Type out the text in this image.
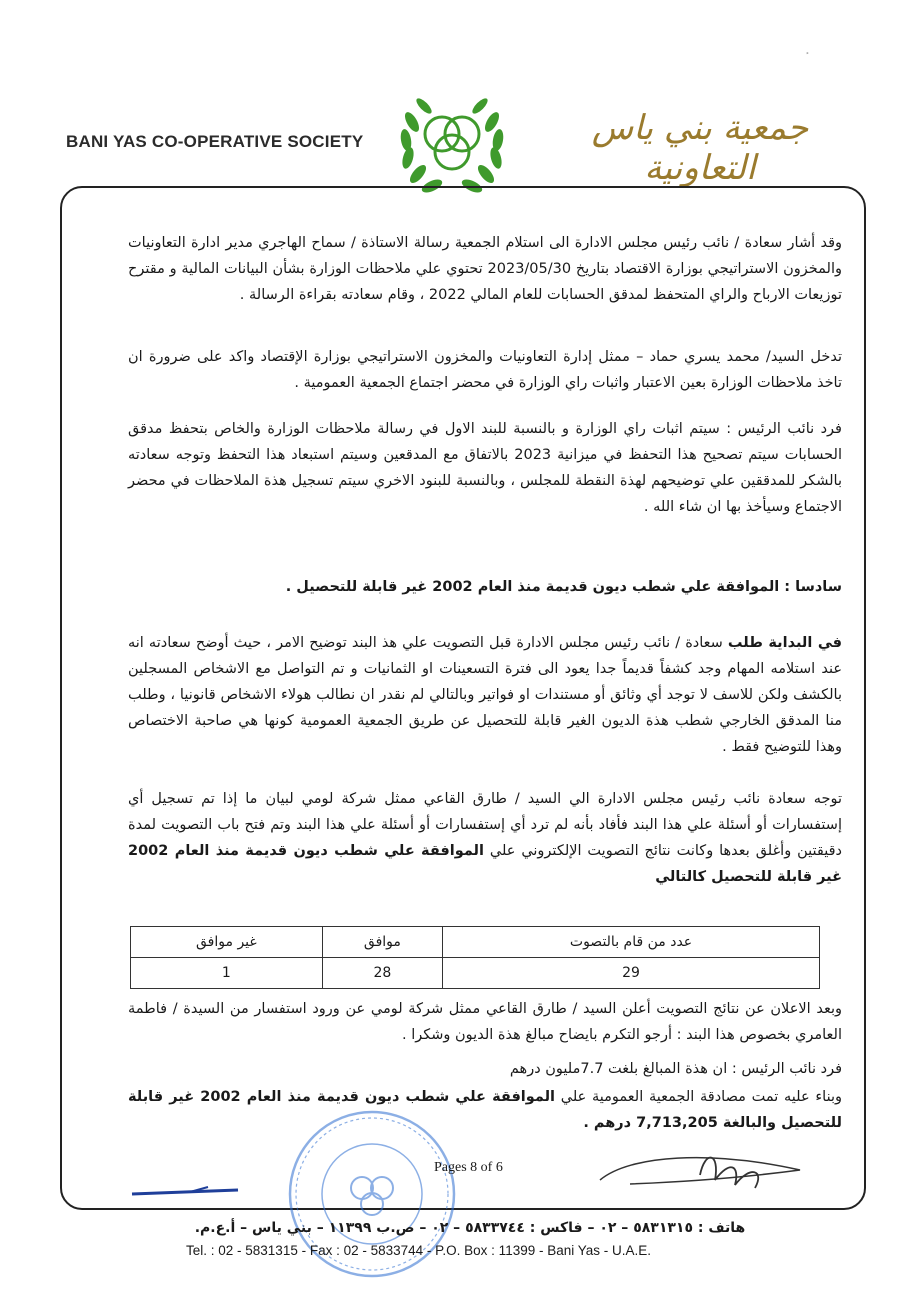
BANI YAS CO-OPERATIVE SOCIETY	جمعية بني ياس التعاونية
وقد أشار سعادة / نائب رئيس مجلس الادارة الى استلام الجمعية رسالة الاستاذة / سماح الهاجري مدير ادارة التعاونيات والمخزون الاستراتيجي بوزارة الاقتصاد بتاريخ 2023/05/30 تحتوي علي ملاحظات الوزارة بشأن البيانات المالية و مقترح توزيعات الارباح والراي المتحفظ لمدقق الحسابات للعام المالي 2022 ، وقام سعادته بقراءة الرسالة .
تدخل السيد/ محمد يسري حماد – ممثل إدارة التعاونيات والمخزون الاستراتيجي بوزارة الإقتصاد واكد على ضرورة ان تاخذ ملاحظات الوزارة بعين الاعتبار واثبات راي الوزارة في محضر اجتماع الجمعية العمومية .
فرد نائب الرئيس : سيتم اثبات راي الوزارة و بالنسبة للبند الاول في رسالة ملاحظات الوزارة والخاص بتحفظ مدقق الحسابات سيتم تصحيح هذا التحفظ في ميزانية 2023 بالاتفاق مع المدقعين وسيتم استبعاد هذا التحفظ وتوجه سعادته بالشكر للمدققين علي توضيحهم لهذة النقطة للمجلس ، وبالنسبة للبنود الاخري سيتم تسجيل هذة الملاحظات في محضر الاجتماع وسيأخذ بها ان شاء الله .
سادسا : الموافقة علي شطب ديون قديمة منذ العام 2002 غير قابلة للتحصيل .
في البداية طلب سعادة / نائب رئيس مجلس الادارة قبل التصويت علي هذ البند توضيح الامر ، حيث أوضح سعادته انه عند استلامه المهام وجد كشفاً قديماً جدا يعود الى فترة التسعينات او الثمانيات و تم التواصل مع الاشخاص المسجلين بالكشف ولكن للاسف لا توجد أي وثائق أو مستندات او فواتير وبالتالي لم نقدر ان نطالب هولاء الاشخاص قانونيا ، وطلب منا المدقق الخارجي شطب هذة الديون الغير قابلة للتحصيل عن طريق الجمعية العمومية كونها هي صاحبة الاختصاص وهذا للتوضيح فقط .
توجه سعادة نائب رئيس مجلس الادارة الي السيد / طارق القاعي ممثل شركة لومي لبيان ما إذا تم تسجيل أي إستفسارات أو أسئلة علي هذا البند فأفاد بأنه لم ترد أي إستفسارات أو أسئلة علي هذا البند وتم فتح باب التصويت لمدة دقيقتين وأغلق بعدها وكانت نتائج التصويت الإلكتروني علي الموافقة علي شطب ديون قديمة منذ العام 2002 غير قابلة للتحصيل كالتالي
عدد من قام بالتصوت	موافق	غير موافق
29	28	1
وبعد الاعلان عن نتائج التصويت أعلن السيد / طارق القاعي ممثل شركة لومي عن ورود استفسار من السيدة / فاطمة العامري بخصوص هذا البند : أرجو التكرم بايضاح مبالغ هذة الديون وشكرا .
فرد نائب الرئيس : ان هذة المبالغ بلغت 7.7مليون درهم
وبناء عليه تمت مصادقة الجمعية العمومية علي الموافقة علي شطب ديون قديمة منذ العام 2002 غير قابلة للتحصيل والبالغة 7,713,205 درهم .
Pages 8 of 6
هاتف : ٥٨٣١٣١٥ – ٠٢ – فاكس : ٥٨٣٣٧٤٤ – ٠٢ – ص.ب ١١٣٩٩ – بني ياس – أ.ع.م.
Tel. : 02 - 5831315 - Fax : 02 - 5833744 - P.O. Box : 11399 - Bani Yas - U.A.E.
